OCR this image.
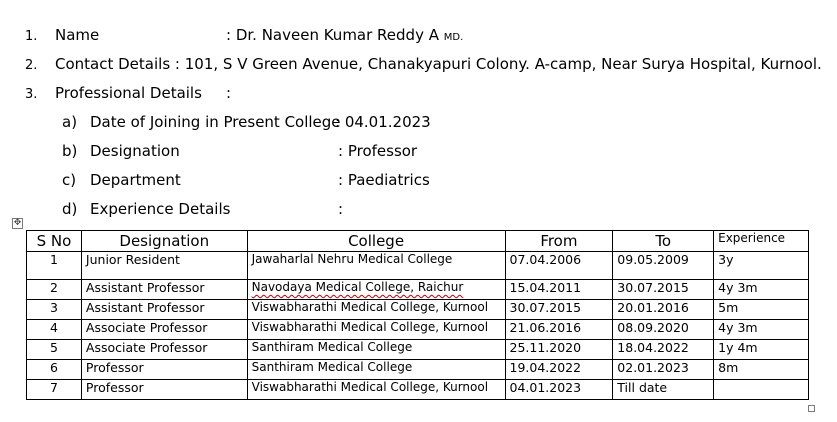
1. Name	: Dr. Naveen Kumar Reddy A MD.
2. Contact Details : 101, S V Green Avenue, Chanakyapuri Colony. A-camp, Near Surya Hospital, Kurnool.
3. Professional Details :
a) Date of Joining in Present College
: 04.01.2023
b) Designation	: Professor
c) Department	: Paediatrics
d) Experience Details	:
✥
S No	Designation	College	From	To	Experience
1	Junior Resident	Jawaharlal Nehru Medical College	07.04.2006	09.05.2009	3y
2	Assistant Professor	Navodaya Medical College, Raichur	15.04.2011	30.07.2015	4y 3m
3	Assistant Professor	Viswabharathi Medical College, Kurnool	30.07.2015	20.01.2016	5m
4	Associate Professor	Viswabharathi Medical College, Kurnool	21.06.2016	08.09.2020	4y 3m
5	Associate Professor	Santhiram Medical College	25.11.2020	18.04.2022	1y 4m
6	Professor	Santhiram Medical College	19.04.2022	02.01.2023	8m
7	Professor	Viswabharathi Medical College, Kurnool	04.01.2023	Till date	
